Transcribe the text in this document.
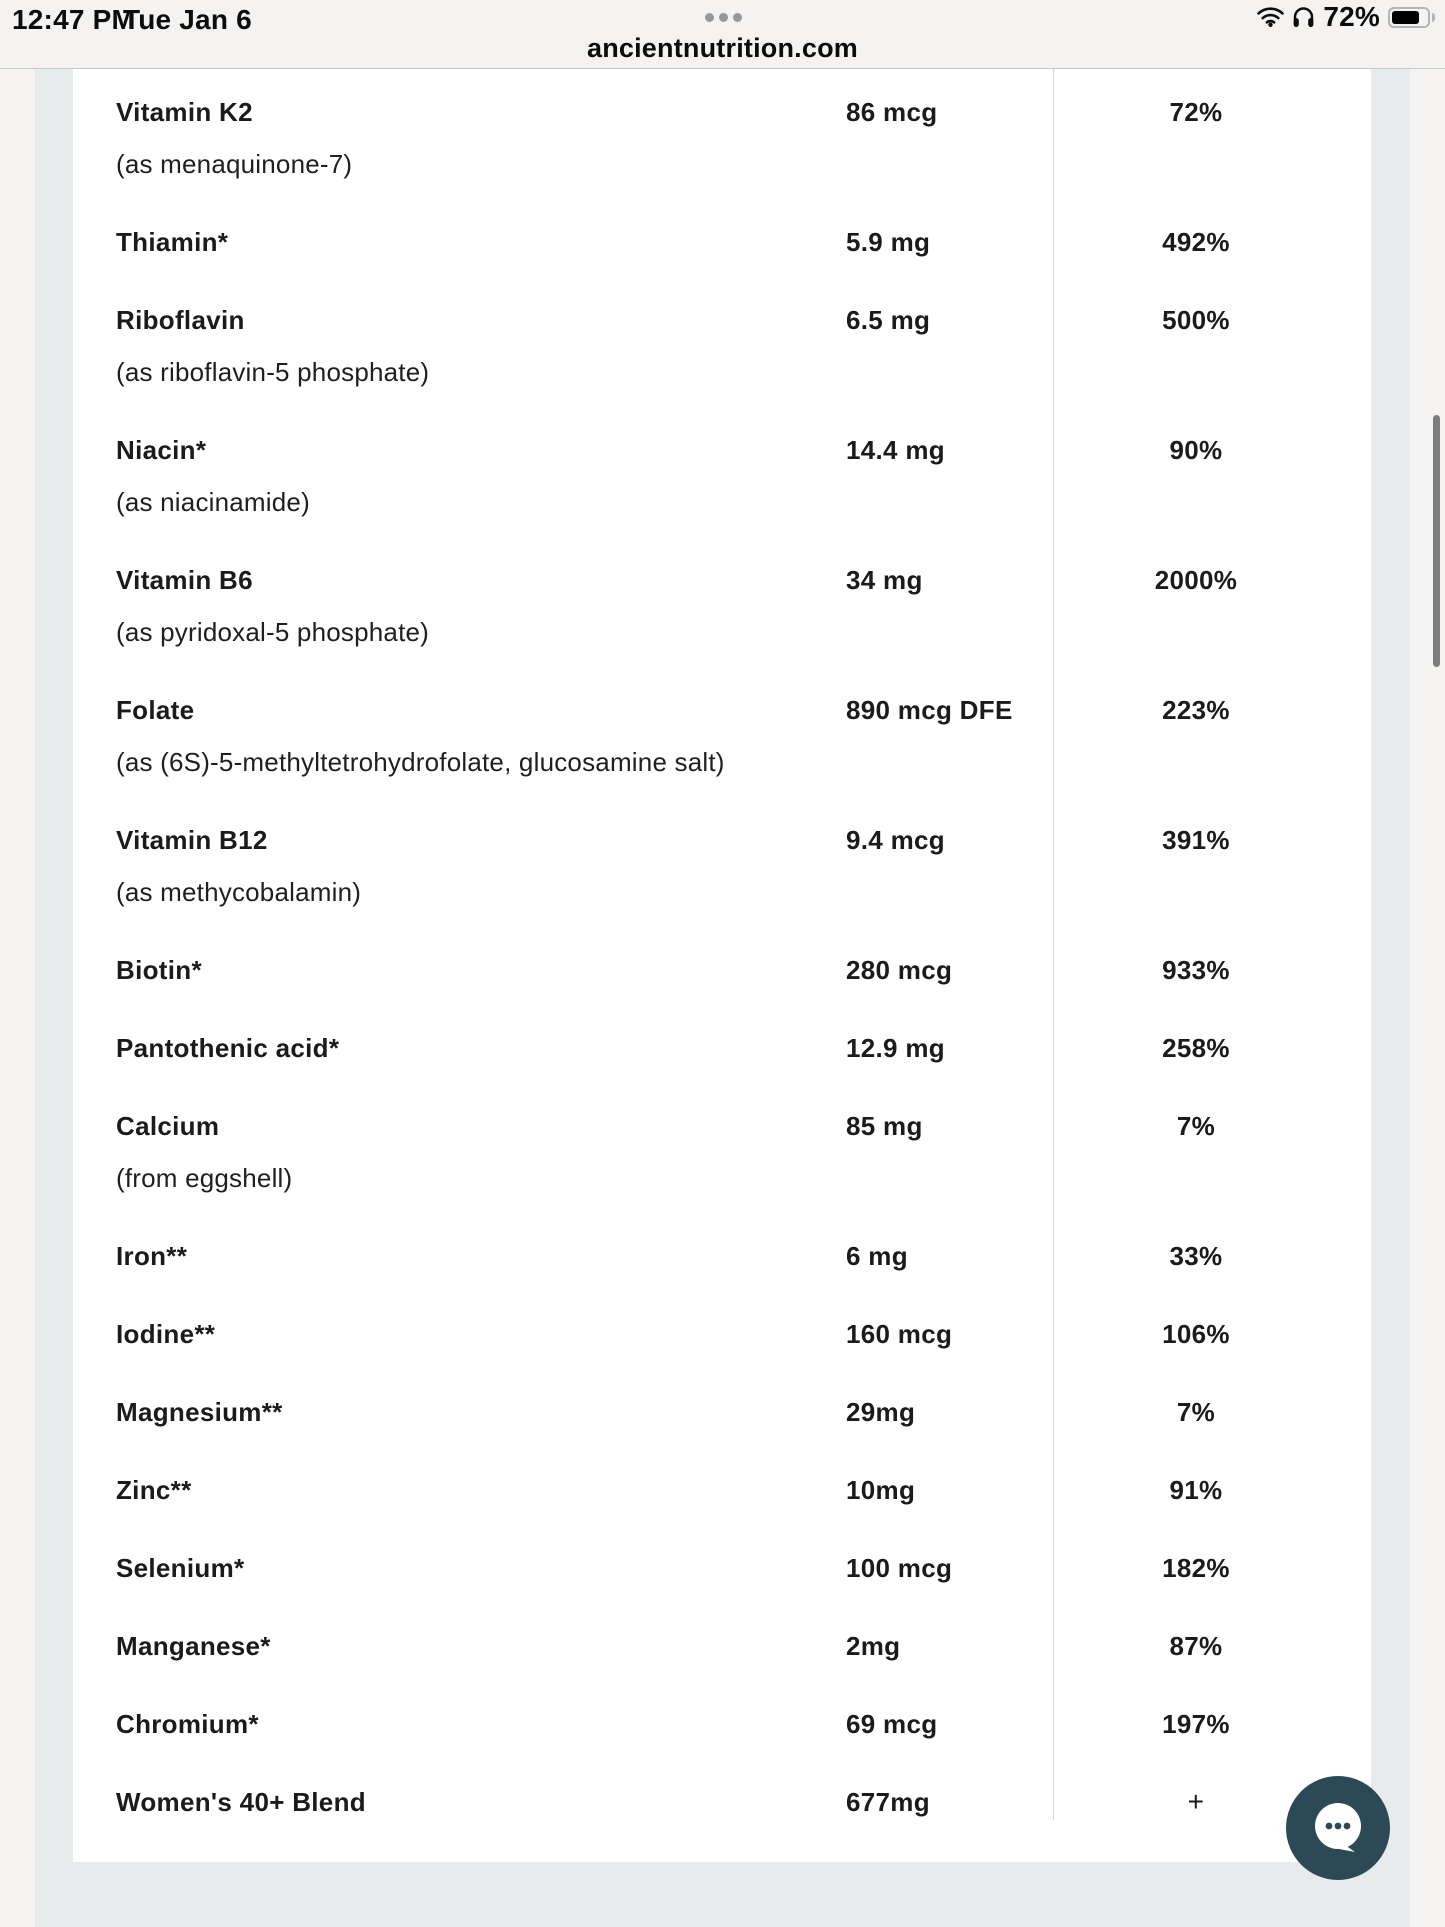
12:47 PM
Tue Jan 6	72%
ancientnutrition.com
Vitamin K2	86 mcg	72%
(as menaquinone-7)
Thiamin*	5.9 mg	492%
Riboflavin	6.5 mg	500%
(as riboflavin-5 phosphate)
Niacin*	14.4 mg	90%
(as niacinamide)
Vitamin B6	34 mg	2000%
(as pyridoxal-5 phosphate)
Folate	890 mcg DFE	223%
(as (6S)-5-methyltetrohydrofolate, glucosamine salt)
Vitamin B12	9.4 mcg	391%
(as methycobalamin)
Biotin*	280 mcg	933%
Pantothenic acid*	12.9 mg	258%
Calcium	85 mg	7%
(from eggshell)
Iron**	6 mg	33%
Iodine**	160 mcg	106%
Magnesium**	29mg	7%
Zinc**	10mg	91%
Selenium*	100 mcg	182%
Manganese*	2mg	87%
Chromium*	69 mcg	197%
Women's 40+ Blend	677mg	+
